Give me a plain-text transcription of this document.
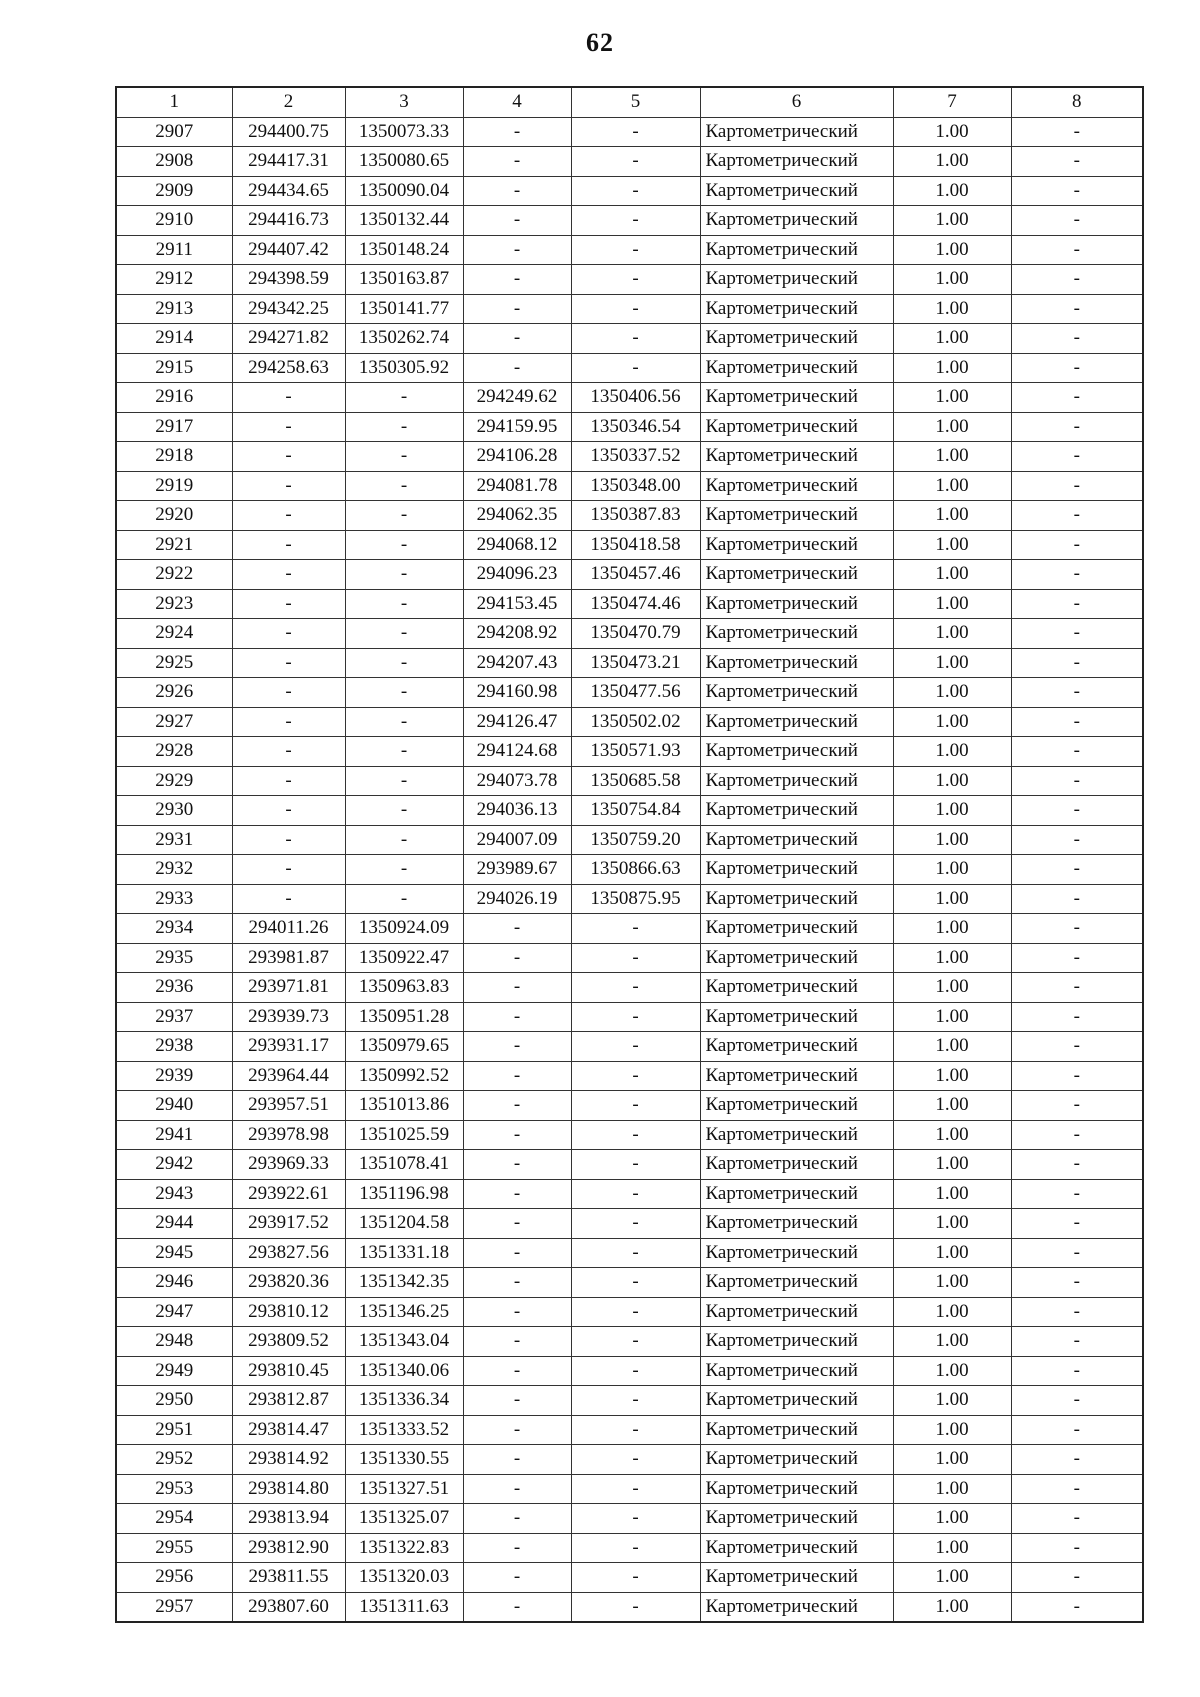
62
1	2	3	4	5	6	7	8
2907	294400.75	1350073.33	-	-	Картометрический	1.00	-
2908	294417.31	1350080.65	-	-	Картометрический	1.00	-
2909	294434.65	1350090.04	-	-	Картометрический	1.00	-
2910	294416.73	1350132.44	-	-	Картометрический	1.00	-
2911	294407.42	1350148.24	-	-	Картометрический	1.00	-
2912	294398.59	1350163.87	-	-	Картометрический	1.00	-
2913	294342.25	1350141.77	-	-	Картометрический	1.00	-
2914	294271.82	1350262.74	-	-	Картометрический	1.00	-
2915	294258.63	1350305.92	-	-	Картометрический	1.00	-
2916	-	-	294249.62	1350406.56	Картометрический	1.00	-
2917	-	-	294159.95	1350346.54	Картометрический	1.00	-
2918	-	-	294106.28	1350337.52	Картометрический	1.00	-
2919	-	-	294081.78	1350348.00	Картометрический	1.00	-
2920	-	-	294062.35	1350387.83	Картометрический	1.00	-
2921	-	-	294068.12	1350418.58	Картометрический	1.00	-
2922	-	-	294096.23	1350457.46	Картометрический	1.00	-
2923	-	-	294153.45	1350474.46	Картометрический	1.00	-
2924	-	-	294208.92	1350470.79	Картометрический	1.00	-
2925	-	-	294207.43	1350473.21	Картометрический	1.00	-
2926	-	-	294160.98	1350477.56	Картометрический	1.00	-
2927	-	-	294126.47	1350502.02	Картометрический	1.00	-
2928	-	-	294124.68	1350571.93	Картометрический	1.00	-
2929	-	-	294073.78	1350685.58	Картометрический	1.00	-
2930	-	-	294036.13	1350754.84	Картометрический	1.00	-
2931	-	-	294007.09	1350759.20	Картометрический	1.00	-
2932	-	-	293989.67	1350866.63	Картометрический	1.00	-
2933	-	-	294026.19	1350875.95	Картометрический	1.00	-
2934	294011.26	1350924.09	-	-	Картометрический	1.00	-
2935	293981.87	1350922.47	-	-	Картометрический	1.00	-
2936	293971.81	1350963.83	-	-	Картометрический	1.00	-
2937	293939.73	1350951.28	-	-	Картометрический	1.00	-
2938	293931.17	1350979.65	-	-	Картометрический	1.00	-
2939	293964.44	1350992.52	-	-	Картометрический	1.00	-
2940	293957.51	1351013.86	-	-	Картометрический	1.00	-
2941	293978.98	1351025.59	-	-	Картометрический	1.00	-
2942	293969.33	1351078.41	-	-	Картометрический	1.00	-
2943	293922.61	1351196.98	-	-	Картометрический	1.00	-
2944	293917.52	1351204.58	-	-	Картометрический	1.00	-
2945	293827.56	1351331.18	-	-	Картометрический	1.00	-
2946	293820.36	1351342.35	-	-	Картометрический	1.00	-
2947	293810.12	1351346.25	-	-	Картометрический	1.00	-
2948	293809.52	1351343.04	-	-	Картометрический	1.00	-
2949	293810.45	1351340.06	-	-	Картометрический	1.00	-
2950	293812.87	1351336.34	-	-	Картометрический	1.00	-
2951	293814.47	1351333.52	-	-	Картометрический	1.00	-
2952	293814.92	1351330.55	-	-	Картометрический	1.00	-
2953	293814.80	1351327.51	-	-	Картометрический	1.00	-
2954	293813.94	1351325.07	-	-	Картометрический	1.00	-
2955	293812.90	1351322.83	-	-	Картометрический	1.00	-
2956	293811.55	1351320.03	-	-	Картометрический	1.00	-
2957	293807.60	1351311.63	-	-	Картометрический	1.00	-
